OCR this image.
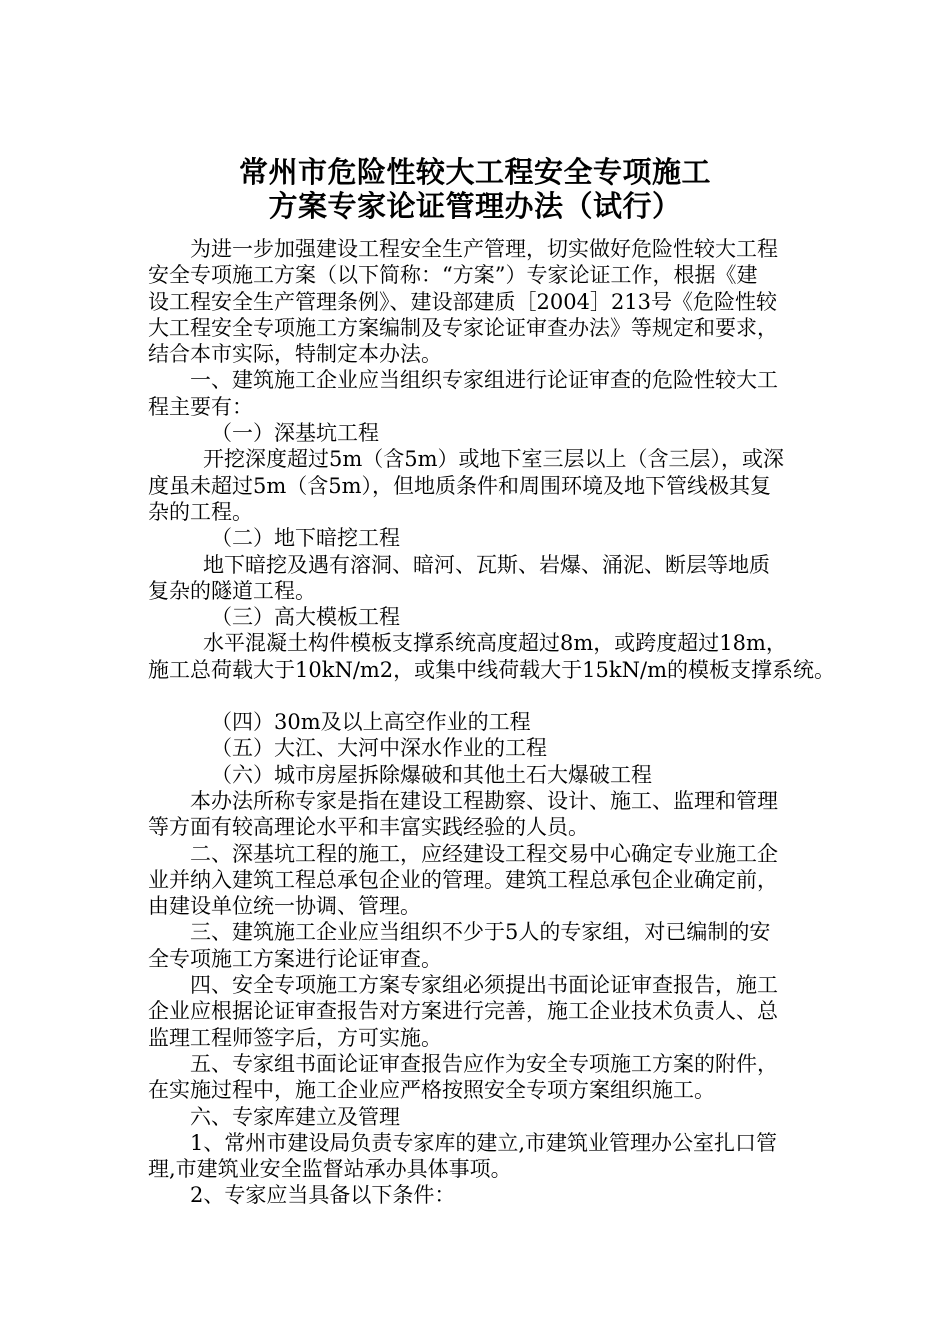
常州市危险性较大工程安全专项施工
方案专家论证管理办法（试行）
为进一步加强建设工程安全生产管理，切实做好危险性较大工程
安全专项施工方案（以下简称：“方案”）专家论证工作，根据《建
设工程安全生产管理条例》、建设部建质［2004］213号《危险性较
大工程安全专项施工方案编制及专家论证审查办法》等规定和要求，
结合本市实际，特制定本办法。
一、建筑施工企业应当组织专家组进行论证审查的危险性较大工
程主要有：
（一）深基坑工程
开挖深度超过5m（含5m）或地下室三层以上（含三层），或深
度虽未超过5m（含5m），但地质条件和周围环境及地下管线极其复
杂的工程。
（二）地下暗挖工程
地下暗挖及遇有溶洞、暗河、瓦斯、岩爆、涌泥、断层等地质
复杂的隧道工程。
（三）高大模板工程
水平混凝土构件模板支撑系统高度超过8m，或跨度超过18m，
施工总荷载大于10kN/m2，或集中线荷载大于15kN/m的模板支撑系统。
（四）30m及以上高空作业的工程
（五）大江、大河中深水作业的工程
（六）城市房屋拆除爆破和其他土石大爆破工程
本办法所称专家是指在建设工程勘察、设计、施工、监理和管理
等方面有较高理论水平和丰富实践经验的人员。
二、深基坑工程的施工，应经建设工程交易中心确定专业施工企
业并纳入建筑工程总承包企业的管理。建筑工程总承包企业确定前，
由建设单位统一协调、管理。
三、建筑施工企业应当组织不少于5人的专家组，对已编制的安
全专项施工方案进行论证审查。
四、安全专项施工方案专家组必须提出书面论证审查报告，施工
企业应根据论证审查报告对方案进行完善，施工企业技术负责人、总
监理工程师签字后，方可实施。
五、专家组书面论证审查报告应作为安全专项施工方案的附件，
在实施过程中，施工企业应严格按照安全专项方案组织施工。
六、专家库建立及管理
1、常州市建设局负责专家库的建立,市建筑业管理办公室扎口管
理,市建筑业安全监督站承办具体事项。
2、专家应当具备以下条件：
